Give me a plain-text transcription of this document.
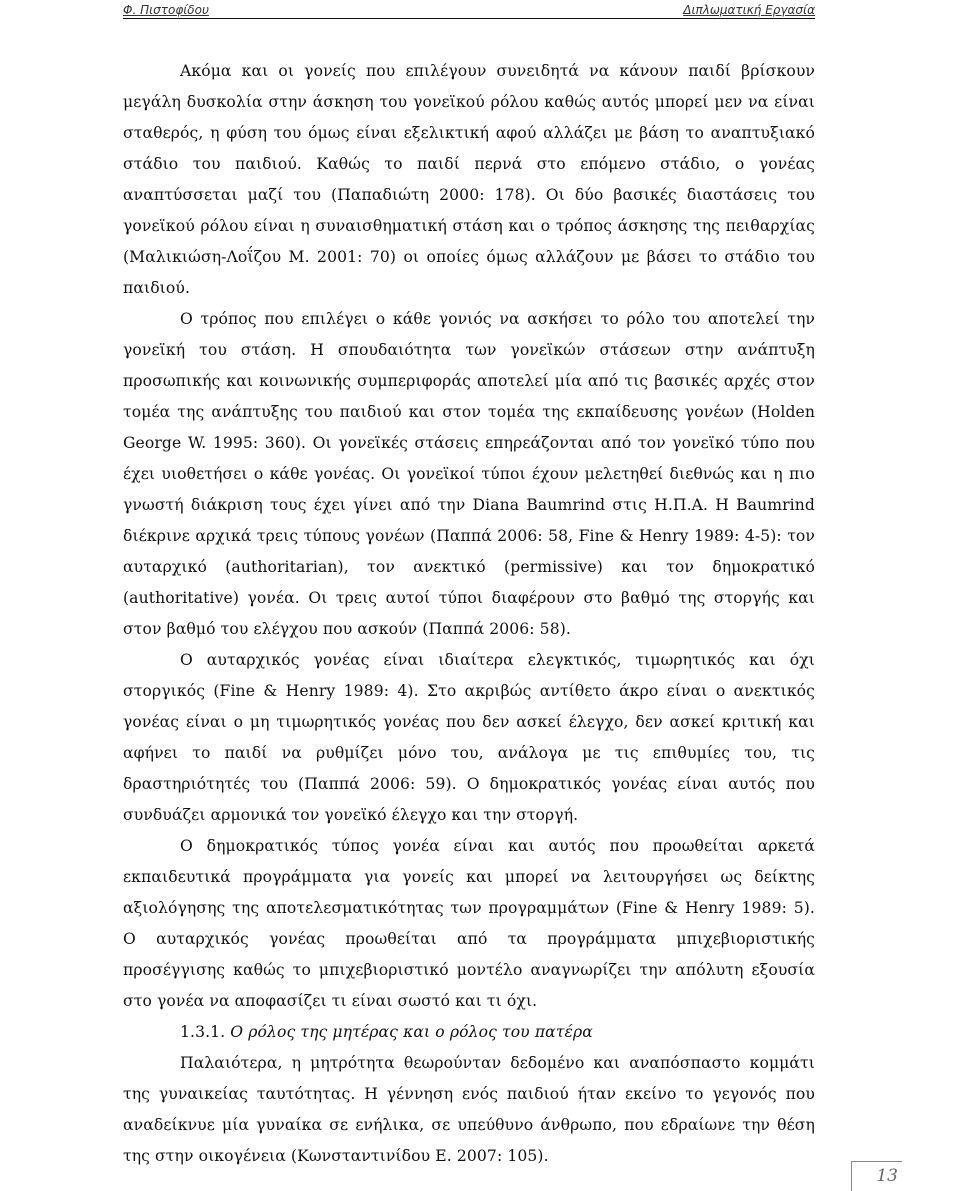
Φ. Πιστοφίδου	Διπλωματική Εργασία

Ακόμα και οι γονείς που επιλέγουν συνειδητά να κάνουν παιδί βρίσκουν μεγάλη δυσκολία στην άσκηση του γονεϊκού ρόλου καθώς αυτός μπορεί μεν να είναι σταθερός, η φύση του όμως είναι εξελικτική αφού αλλάζει με βάση το αναπτυξιακό στάδιο του παιδιού. Καθώς το παιδί περνά στο επόμενο στάδιο, ο γονέας αναπτύσσεται μαζί του (Παπαδιώτη 2000: 178). Οι δύο βασικές διαστάσεις του γονεϊκού ρόλου είναι η συναισθηματική στάση και ο τρόπος άσκησης της πειθαρχίας (Μαλικιώση-Λοΐζου Μ. 2001: 70) οι οποίες όμως αλλάζουν με βάσει το στάδιο του παιδιού.

Ο τρόπος που επιλέγει ο κάθε γονιός να ασκήσει το ρόλο του αποτελεί την γονεϊκή του στάση. Η σπουδαιότητα των γονεϊκών στάσεων στην ανάπτυξη προσωπικής και κοινωνικής συμπεριφοράς αποτελεί μία από τις βασικές αρχές στον τομέα της ανάπτυξης του παιδιού και στον τομέα της εκπαίδευσης γονέων (Holden George W. 1995: 360). Οι γονεϊκές στάσεις επηρεάζονται από τον γονεϊκό τύπο που έχει υιοθετήσει ο κάθε γονέας. Οι γονεϊκοί τύποι έχουν μελετηθεί διεθνώς και η πιο γνωστή διάκριση τους έχει γίνει από την Diana Baumrind στις Η.Π.Α. Η Baumrind διέκρινε αρχικά τρεις τύπους γονέων (Παππά 2006: 58, Fine & Henry 1989: 4-5): τον αυταρχικό (authoritarian), τον ανεκτικό (permissive) και τον δημοκρατικό (authoritative) γονέα. Οι τρεις αυτοί τύποι διαφέρουν στο βαθμό της στοργής και στον βαθμό του ελέγχου που ασκούν (Παππά 2006: 58).

Ο αυταρχικός γονέας είναι ιδιαίτερα ελεγκτικός, τιμωρητικός και όχι στοργικός (Fine & Henry 1989: 4). Στο ακριβώς αντίθετο άκρο είναι ο ανεκτικός γονέας είναι ο μη τιμωρητικός γονέας που δεν ασκεί έλεγχο, δεν ασκεί κριτική και αφήνει το παιδί να ρυθμίζει μόνο του, ανάλογα με τις επιθυμίες του, τις δραστηριότητές του (Παππά 2006: 59). Ο δημοκρατικός γονέας είναι αυτός που συνδυάζει αρμονικά τον γονεϊκό έλεγχο και την στοργή.

Ο δημοκρατικός τύπος γονέα είναι και αυτός που προωθείται αρκετά εκπαιδευτικά προγράμματα για γονείς και μπορεί να λειτουργήσει ως δείκτης αξιολόγησης της αποτελεσματικότητας των προγραμμάτων (Fine & Henry 1989: 5). Ο αυταρχικός γονέας προωθείται από τα προγράμματα μπιχεβιοριστικής προσέγγισης καθώς το μπιχεβιοριστικό μοντέλο αναγνωρίζει την απόλυτη εξουσία στο γονέα να αποφασίζει τι είναι σωστό και τι όχι.

1.3.1. Ο ρόλος της μητέρας και ο ρόλος του πατέρα

Παλαιότερα, η μητρότητα θεωρούνταν δεδομένο και αναπόσπαστο κομμάτι της γυναικείας ταυτότητας. Η γέννηση ενός παιδιού ήταν εκείνο το γεγονός που αναδείκνυε μία γυναίκα σε ενήλικα, σε υπεύθυνο άνθρωπο, που εδραίωνε την θέση της στην οικογένεια (Κωνσταντινίδου Ε. 2007: 105).

13
